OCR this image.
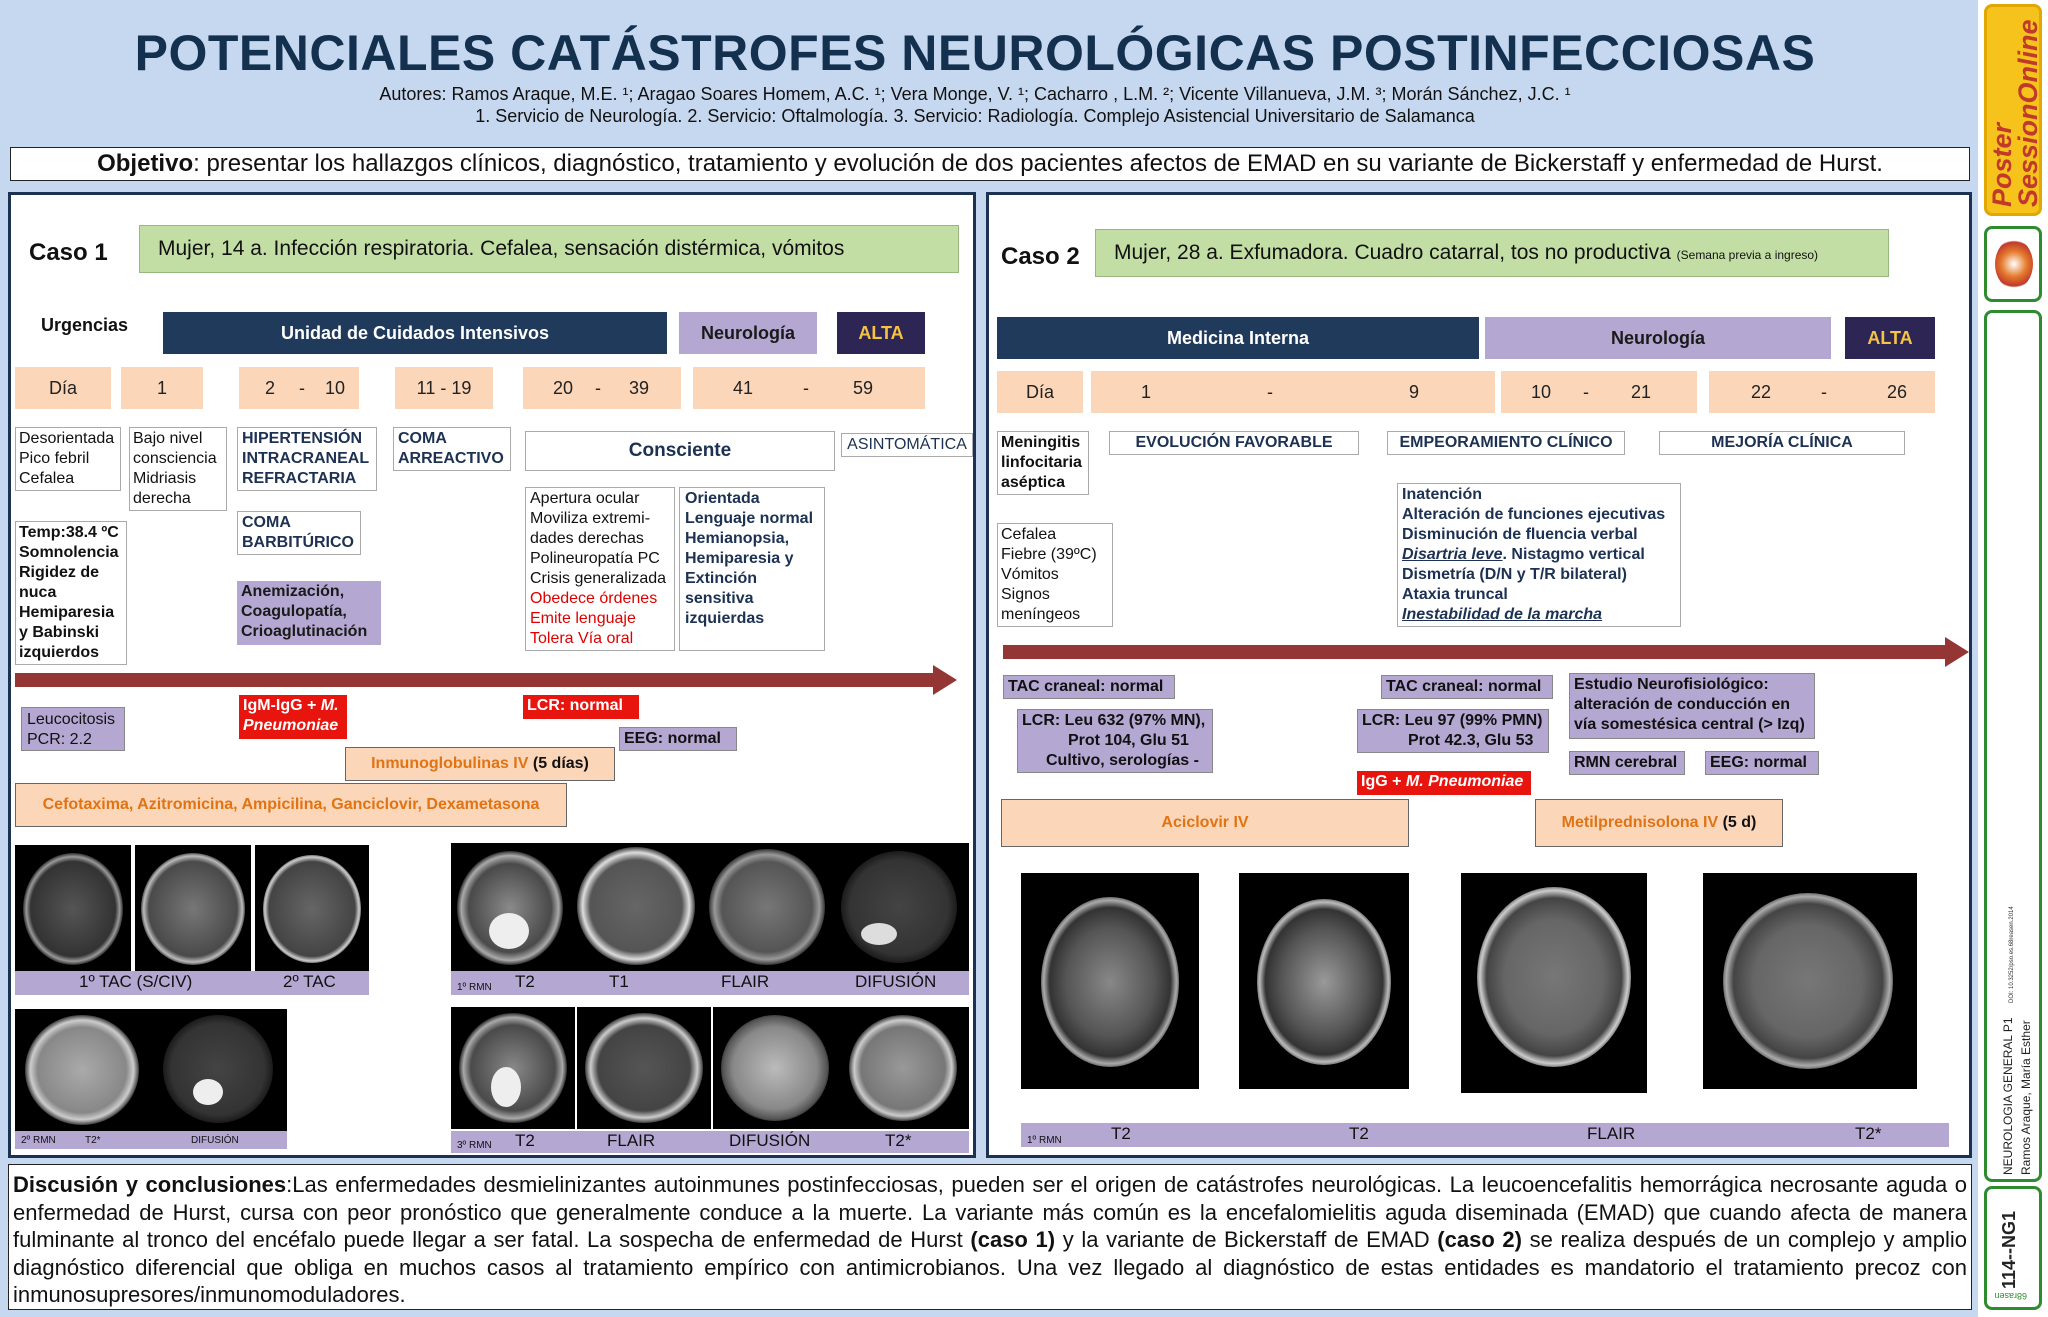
POTENCIALES CATÁSTROFES NEUROLÓGICAS POSTINFECCIOSAS
Autores: Ramos Araque, M.E. ¹; Aragao Soares Homem, A.C. ¹; Vera Monge, V. ¹; Cacharro , L.M. ²; Vicente Villanueva, J.M. ³; Morán Sánchez, J.C. ¹
1. Servicio de Neurología. 2. Servicio: Oftalmología. 3. Servicio: Radiología. Complejo Asistencial Universitario de Salamanca
Objetivo: presentar los hallazgos clínicos, diagnóstico, tratamiento y evolución de dos pacientes afectos de EMAD en su variante de Bickerstaff y enfermedad de Hurst.
Caso 1	Mujer, 14 a. Infección respiratoria. Cefalea, sensación distérmica, vómitos
Urgencias	Unidad de Cuidados Intensivos	Neurología	ALTA
Día	1	2 - 10	11 - 19	20 - 39	41	- 59
Desorientada
Pico febril
Cefalea
Temp:38.4 ºC
Somnolencia
Rigidez de
nuca
Hemiparesia
y Babinski
izquierdos
Bajo nivel
consciencia
Midriasis
derecha
HIPERTENSIÓN
INTRACRANEAL
REFRACTARIA
COMA
BARBITÚRICO
Anemización,
Coagulopatía,
Crioaglutinación
COMA
ARREACTIVO	Consciente
Apertura ocular
Moviliza extremi-
dades derechas
Polineuropatía PC
Crisis generalizada
Obedece órdenes
Emite lenguaje
Tolera Vía oral
Orientada
Lenguaje normal
Hemianopsia,
Hemiparesia y
Extinción
sensitiva
izquierdas
ASINTOMÁTICA
Leucocitosis
PCR: 2.2
IgM-IgG + M.
Pneumoniae
LCR: normal
EEG: normal
Inmunoglobulinas IV (5 días)
Cefotaxima, Azitromicina, Ampicilina, Ganciclovir, Dexametasona
1º TAC (S/CIV)	2º TAC	1º RMN T2	T1	FLAIR	DIFUSIÓN
2º RMN	T2*	DIFUSIÓN	3º RMN T2	FLAIR	DIFUSIÓN	T2*
Caso 2	Mujer, 28 a. Exfumadora. Cuadro catarral, tos no productiva (Semana previa a ingreso)
Medicina Interna	Neurología	ALTA
Día	1	-	9	10 - 21	22	-	26
Meningitis
linfocitaria
aséptica
Cefalea
Fiebre (39ºC)
Vómitos
Signos
meníngeos
EVOLUCIÓN FAVORABLE	EMPEORAMIENTO CLÍNICO	MEJORÍA CLÍNICA
Inatención
Alteración de funciones ejecutivas
Disminución de fluencia verbal
Disartria leve. Nistagmo vertical
Dismetría (D/N y T/R bilateral)
Ataxia truncal
Inestabilidad de la marcha
TAC craneal: normal
LCR: Leu 632 (97% MN),
Prot 104, Glu 51
Cultivo, serologías -
TAC craneal: normal
LCR: Leu 97 (99% PMN)
Prot 42.3, Glu 53
IgG + M. Pneumoniae
Estudio Neurofisiológico:
alteración de conducción en
vía somestésica central (> Izq)
RMN cerebral	EEG: normal
Aciclovir IV	Metilprednisolona IV (5 d)
1º RMN	T2	T2	FLAIR	T2*
Discusión y conclusiones:Las enfermedades desmielinizantes autoinmunes postinfecciosas, pueden ser el origen de catástrofes neurológicas. La leucoencefalitis hemorrágica necrosante aguda o enfermedad de Hurst, cursa con peor pronóstico que generalmente conduce a la muerte. La variante más común es la encefalomielitis aguda diseminada (EMAD) que cuando afecta de manera fulminante al tronco del encéfalo puede llegar a ser fatal. La sospecha de enfermedad de Hurst (caso 1) y la variante de Bickerstaff de EMAD (caso 2) se realiza después de un complejo y amplio diagnóstico diferencial que obliga en muchos casos al tratamiento empírico con antimicrobianos. Una vez llegado al diagnóstico de estas entidades es mandatorio el tratamiento precoz con inmunosupresores/inmunomoduladores.
Poster
SessionOnline
DOI: 10.3252/pso.es.68reasen.2014
NEUROLOGIA GENERAL P1 Ramos Araque, María Esther
114--NG1
68rasen
